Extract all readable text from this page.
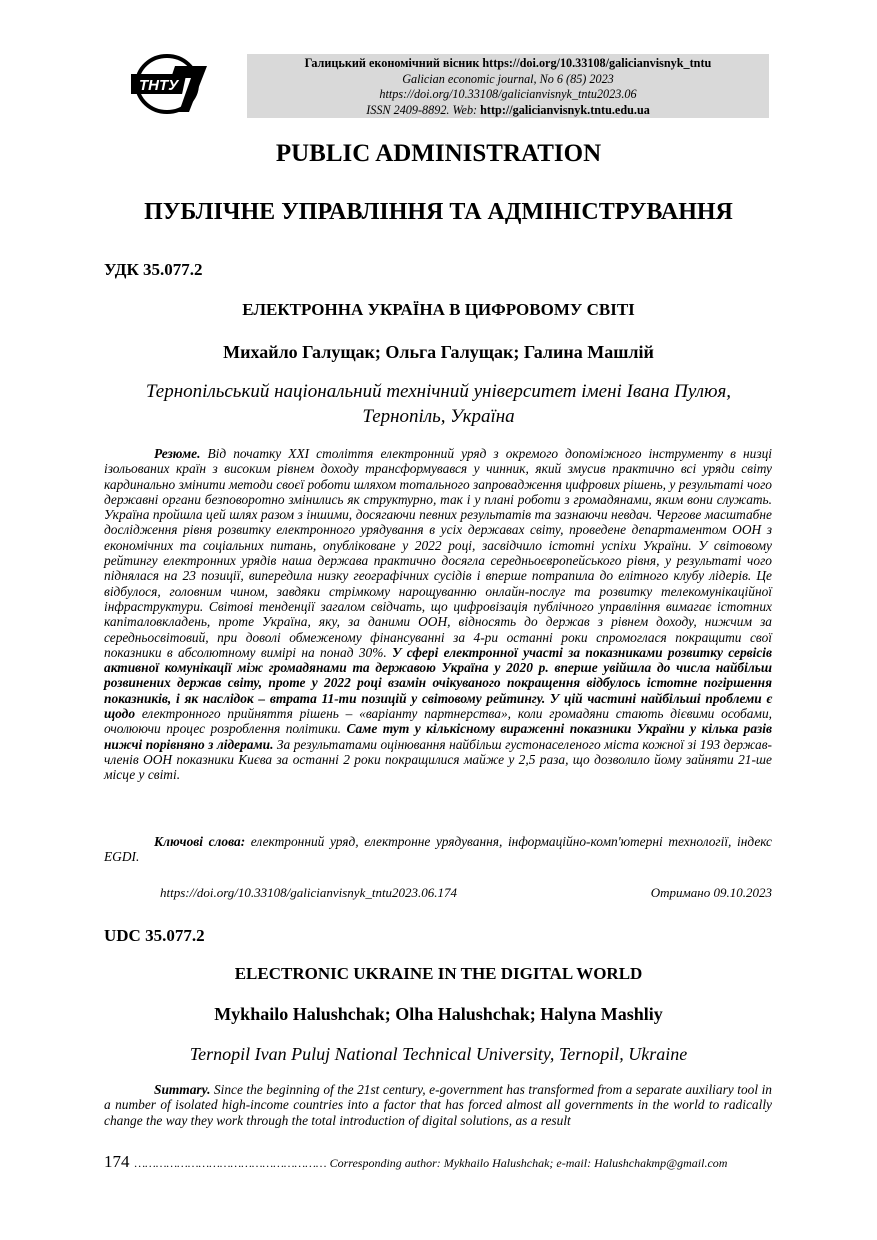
ТНТУ
Галицький економічний вісник https://doi.org/10.33108/galicianvisnyk_tntu
Galician economic journal, No 6 (85) 2023
https://doi.org/10.33108/galicianvisnyk_tntu2023.06
ISSN 2409-8892. Web: http://galicianvisnyk.tntu.edu.ua
PUBLIC ADMINISTRATION
ПУБЛІЧНЕ УПРАВЛІННЯ ТА АДМІНІСТРУВАННЯ
УДК 35.077.2
ЕЛЕКТРОННА УКРАЇНА В ЦИФРОВОМУ СВІТІ
Михайло Галущак; Ольга Галущак; Галина Машлій
Тернопільський національний технічний університет імені Івана Пулюя,
Тернопіль, Україна
Резюме. Від початку XXI століття електронний уряд з окремого допоміжного інструменту в низці ізольованих країн з високим рівнем доходу трансформувався у чинник, який змусив практично всі уряди світу кардинально змінити методи своєї роботи шляхом тотального запровадження цифрових рішень, у результаті чого державні органи безповоротно змінились як структурно, так і у плані роботи з громадянами, яким вони служать. Україна пройшла цей шлях разом з іншими, досягаючи певних результатів та зазнаючи невдач. Чергове масштабне дослідження рівня розвитку електронного урядування в усіх державах світу, проведене департаментом ООН з економічних та соціальних питань, опубліковане у 2022 році, засвідчило істотні успіхи України. У світовому рейтингу електронних урядів наша держава практично досягла середньоєвропейського рівня, у результаті чого піднялася на 23 позиції, випередила низку географічних сусідів і вперше потрапила до елітного клубу лідерів. Це відбулося, головним чином, завдяки стрімкому нарощуванню онлайн-послуг та розвитку телекомунікаційної інфраструктури. Світові тенденції загалом свідчать, що цифровізація публічного управління вимагає істотних капіталовкладень, проте Україна, яку, за даними ООН, відносять до держав з рівнем доходу, нижчим за середньосвітовий, при доволі обмеженому фінансуванні за 4-ри останні роки спромоглася покращити свої показники в абсолютному вимірі на понад 30%. У сфері електронної участі за показниками розвитку сервісів активної комунікації між громадянами та державою Україна у 2020 р. вперше увійшла до числа найбільш розвинених держав світу, проте у 2022 році взамін очікуваного покращення відбулось істотне погіршення показників, і як наслідок – втрата 11-ти позицій у світовому рейтингу. У цій частині найбільші проблеми є щодо електронного прийняття рішень – «варіанту партнерства», коли громадяни стають дієвими особами, очолюючи процес розроблення політики. Саме тут у кількісному вираженні показники України у кілька разів нижчі порівняно з лідерами. За результатами оцінювання найбільш густонаселеного міста кожної зі 193 держав-членів ООН показники Києва за останні 2 роки покращилися майже у 2,5 раза, що дозволило йому зайняти 21-ше місце у світі.
Ключові слова: електронний уряд, електронне урядування, інформаційно-комп'ютерні технології, індекс EGDI.
https://doi.org/10.33108/galicianvisnyk_tntu2023.06.174	Отримано 09.10.2023
UDC 35.077.2
ELECTRONIC UKRAINE IN THE DIGITAL WORLD
Mykhailo Halushchak; Olha Halushchak; Halyna Mashliy
Ternopil Ivan Puluj National Technical University, Ternopil, Ukraine
Summary. Since the beginning of the 21st century, e-government has transformed from a separate auxiliary tool in a number of isolated high-income countries into a factor that has forced almost all governments in the world to radically change the way they work through the total introduction of digital solutions, as a result
174 ……………………………………………… Corresponding author: Mykhailo Halushchak; e-mail: Halushchakmp@gmail.com
